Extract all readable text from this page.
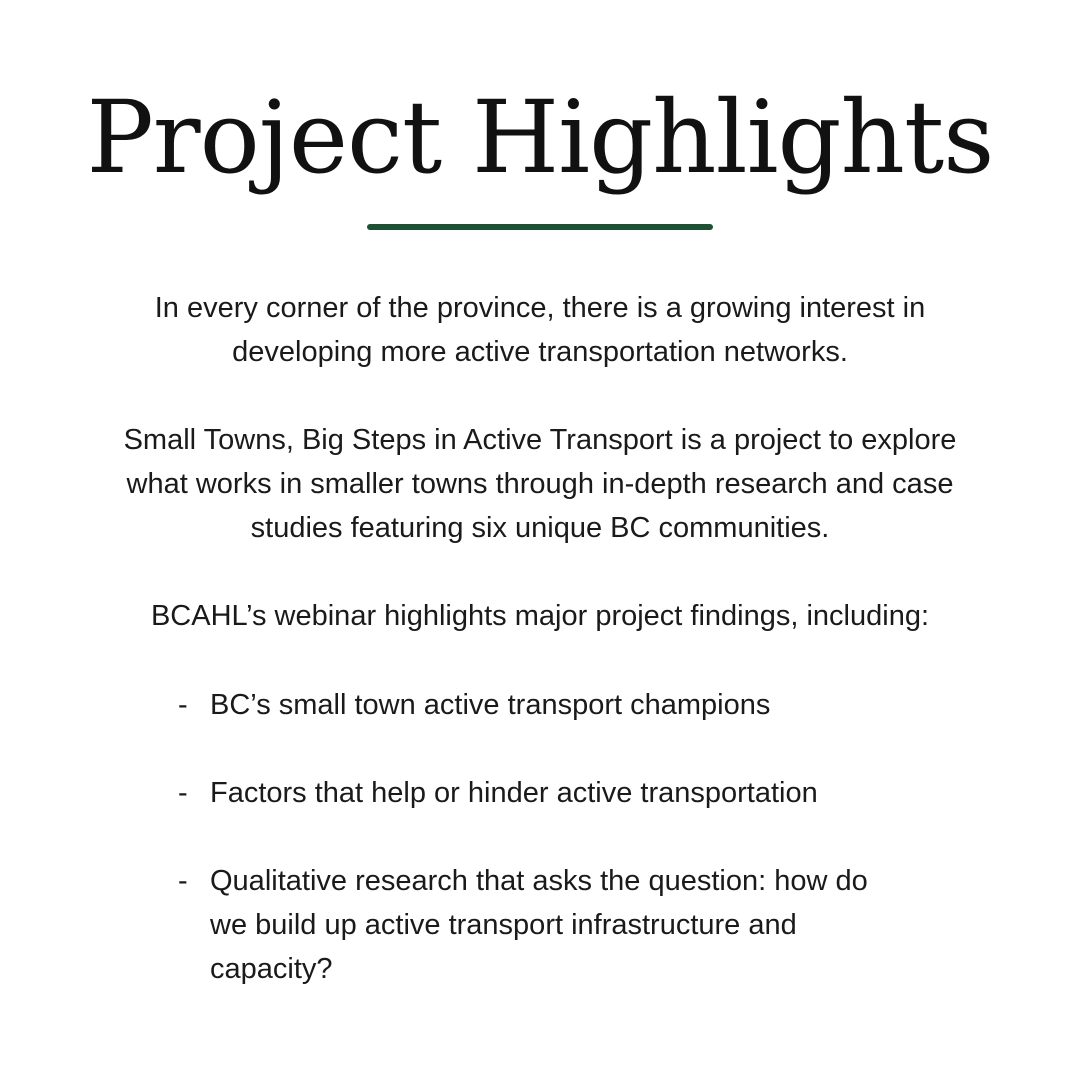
Project Highlights

In every corner of the province, there is a growing interest in developing more active transportation networks.

Small Towns, Big Steps in Active Transport is a project to explore what works in smaller towns through in-depth research and case studies featuring six unique BC communities.

BCAHL’s webinar highlights major project findings, including:

- BC’s small town active transport champions
- Factors that help or hinder active transportation
- Qualitative research that asks the question: how do we build up active transport infrastructure and capacity?
